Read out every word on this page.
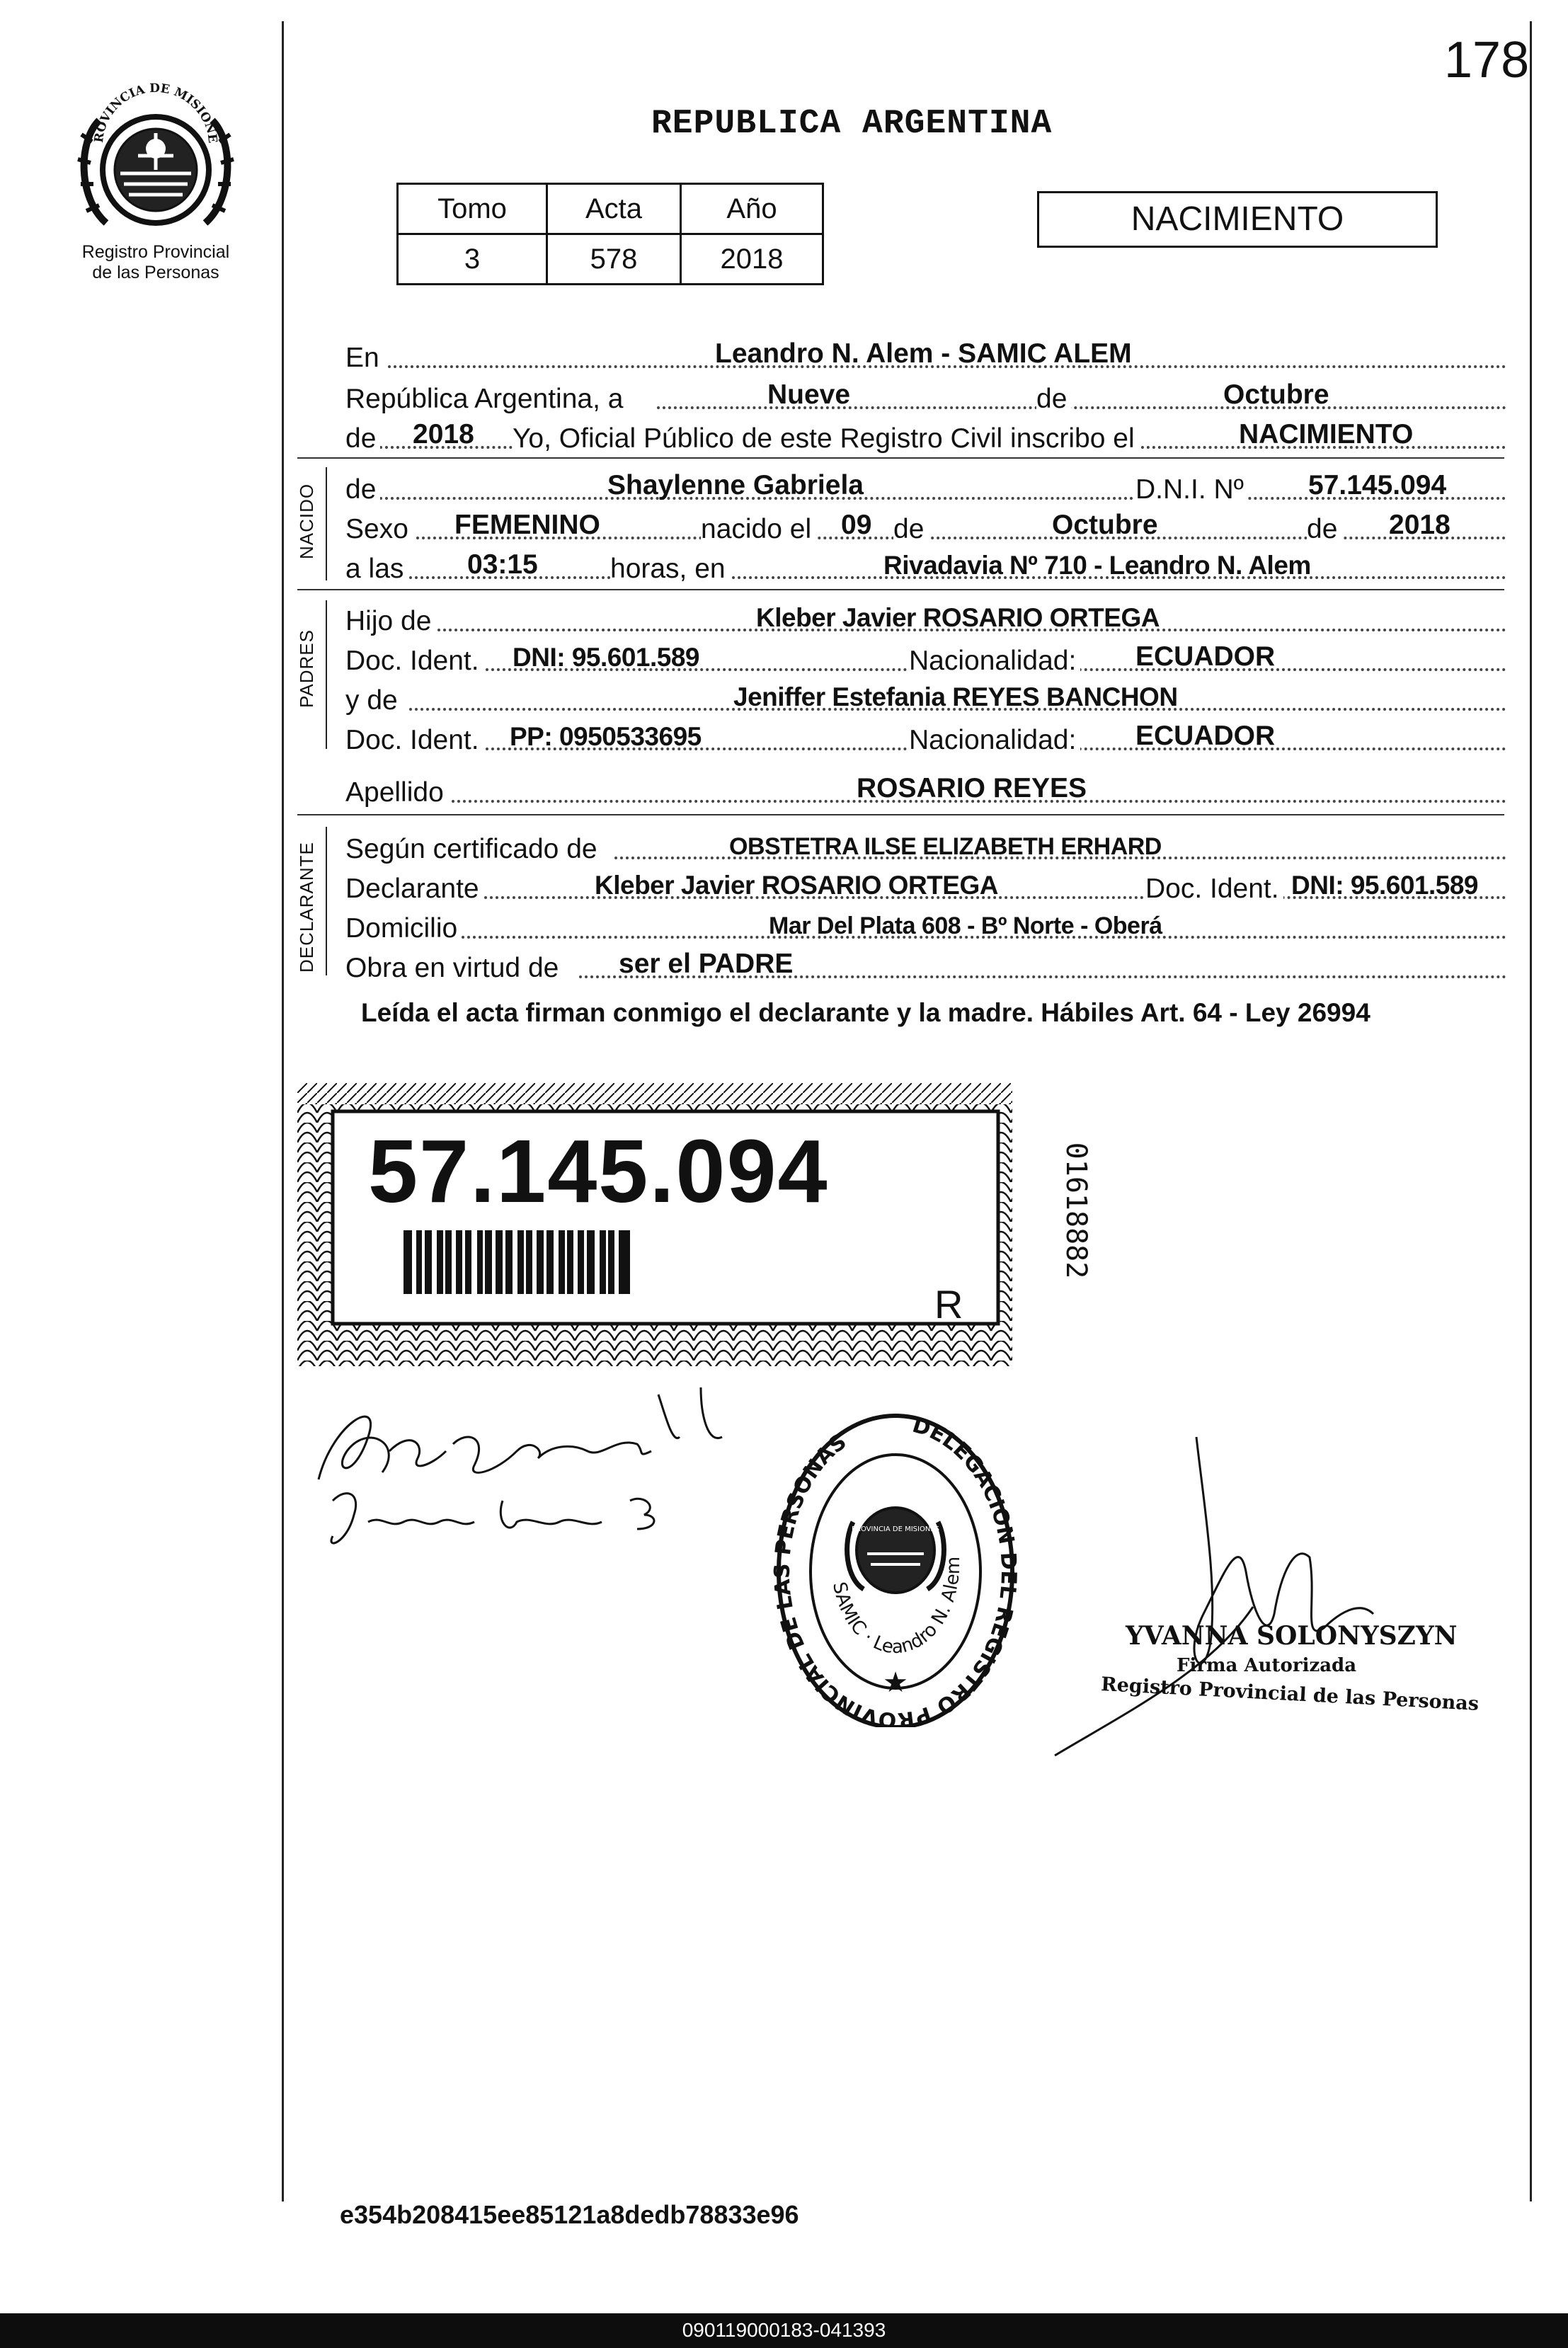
178
ROVINCIA DE MISIONE
Registro Provincial
de las Personas
REPUBLICA ARGENTINA
Tomo	Acta	Año
3	578	2018
NACIMIENTO
En	Leandro N. Alem - SAMIC ALEM
República Argentina, a	Nueve	de	Octubre
de 2018 Yo, Oficial Público de este Registro Civil inscribo el	NACIMIENTO
NACIDO de	Shaylenne Gabriela	D.N.I. Nº 57.145.094
Sexo FEMENINO	nacido el 09 de	Octubre	de 2018
a las 03:15	horas, en	Rivadavia Nº 710 - Leandro N. Alem
PADRES
Hijo de	Kleber Javier ROSARIO ORTEGA
Doc. Ident. DNI: 95.601.589	Nacionalidad: ECUADOR
y de	Jeniffer Estefania REYES BANCHON
Doc. Ident. PP: 0950533695	Nacionalidad: ECUADOR
Apellido	ROSARIO REYES
DECLARANTE Según certificado de	OBSTETRA ILSE ELIZABETH ERHARD
Declarante	Kleber Javier ROSARIO ORTEGA	Doc. Ident. DNI: 95.601.589
Domicilio	Mar Del Plata 608 - Bº Norte - Oberá
Obra en virtud de ser el PADRE
Leída el acta firman conmigo el declarante y la madre. Hábiles Art. 64 - Ley 26994
R
57.145.094	01618882
Kleber Rosario
Jeniffer Reyes B.
DELEGACION DEL REGISTRO PROVINCIAL DE LAS PERSONAS
SAMIC · Leandro N. Alem
PROVINCIA DE MISIONES
★
YVANNA SOLONYSZYN
Firma Autorizada
Registro Provincial de las Personas
e354b208415ee85121a8dedb78833e96
090119000183-041393
